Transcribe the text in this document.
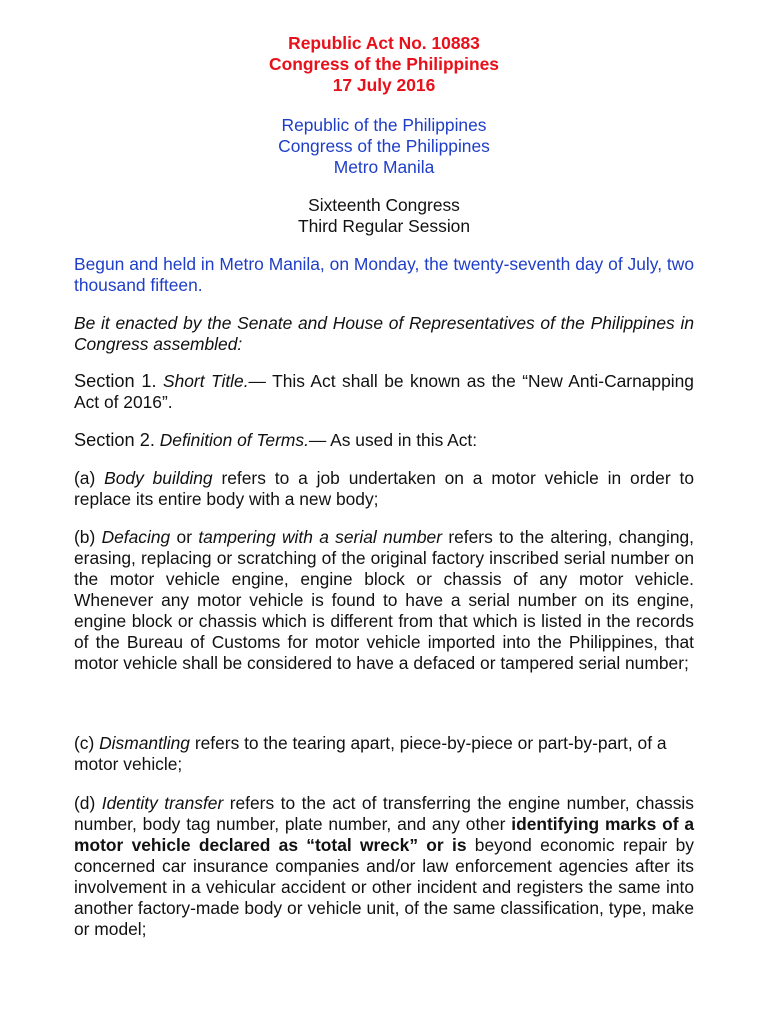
Republic Act No. 10883

Congress of the Philippines

17 July 2016

Republic of the Philippines

Congress of the Philippines

Metro Manila

Sixteenth Congress

Third Regular Session

Begun and held in Metro Manila, on Monday, the twenty-seventh day of July, two thousand fifteen.

Be it enacted by the Senate and House of Representatives of the Philippines in Congress assembled:

Section 1. Short Title.— This Act shall be known as the “New Anti-Carnapping Act of 2016”.

Section 2. Definition of Terms.— As used in this Act:

(a) Body building refers to a job undertaken on a motor vehicle in order to replace its entire body with a new body;

(b) Defacing or tampering with a serial number refers to the altering, changing, erasing, replacing or scratching of the original factory inscribed serial number on the motor vehicle engine, engine block or chassis of any motor vehicle. Whenever any motor vehicle is found to have a serial number on its engine, engine block or chassis which is different from that which is listed in the records of the Bureau of Customs for motor vehicle imported into the Philippines, that motor vehicle shall be considered to have a defaced or tampered serial number;

(c) Dismantling refers to the tearing apart, piece-by-piece or part-by-part, of a motor vehicle;

(d) Identity transfer refers to the act of transferring the engine number, chassis number, body tag number, plate number, and any other identifying marks of a motor vehicle declared as “total wreck” or is beyond economic repair by concerned car insurance companies and/or law enforcement agencies after its involvement in a vehicular accident or other incident and registers the same into another factory-made body or vehicle unit, of the same classification, type, make or model;
